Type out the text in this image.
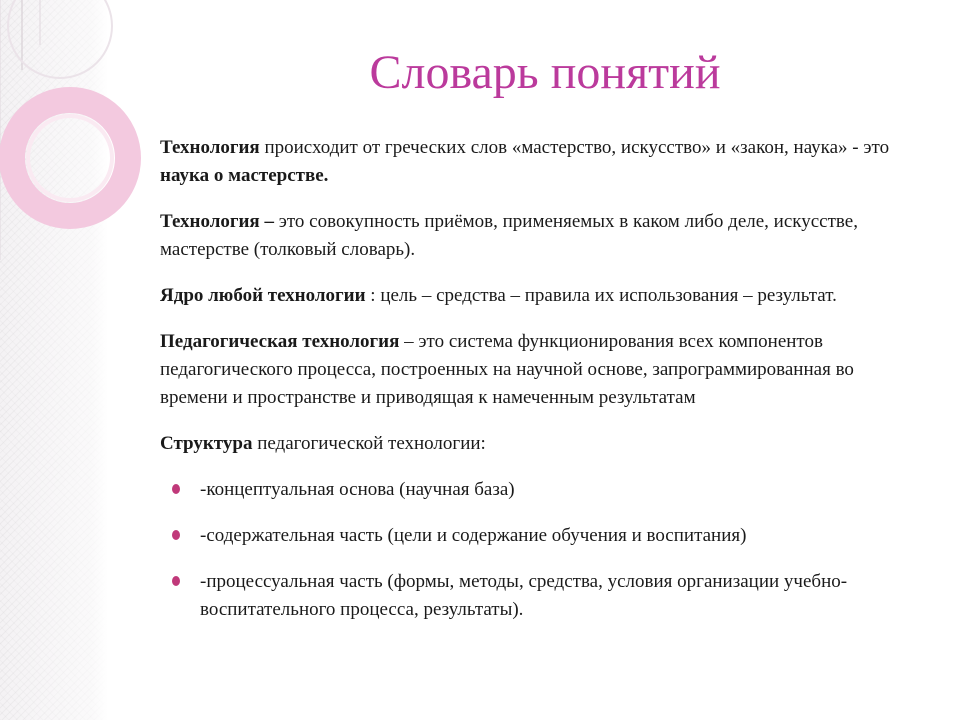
Словарь понятий

Технология происходит от греческих слов «мастерство, искусство» и «закон, наука» - это наука о мастерстве.

Технология – это совокупность приёмов, применяемых в каком либо деле, искусстве, мастерстве (толковый словарь).

Ядро любой технологии : цель – средства – правила их использования – результат.

Педагогическая технология – это система функционирования всех компонентов педагогического процесса, построенных на научной основе, запрограммированная во времени и пространстве и приводящая к намеченным результатам

Структура педагогической технологии:

-концептуальная основа (научная база)
-содержательная часть (цели и содержание обучения и воспитания)
-процессуальная часть (формы, методы, средства, условия организации учебно-воспитательного процесса, результаты).
